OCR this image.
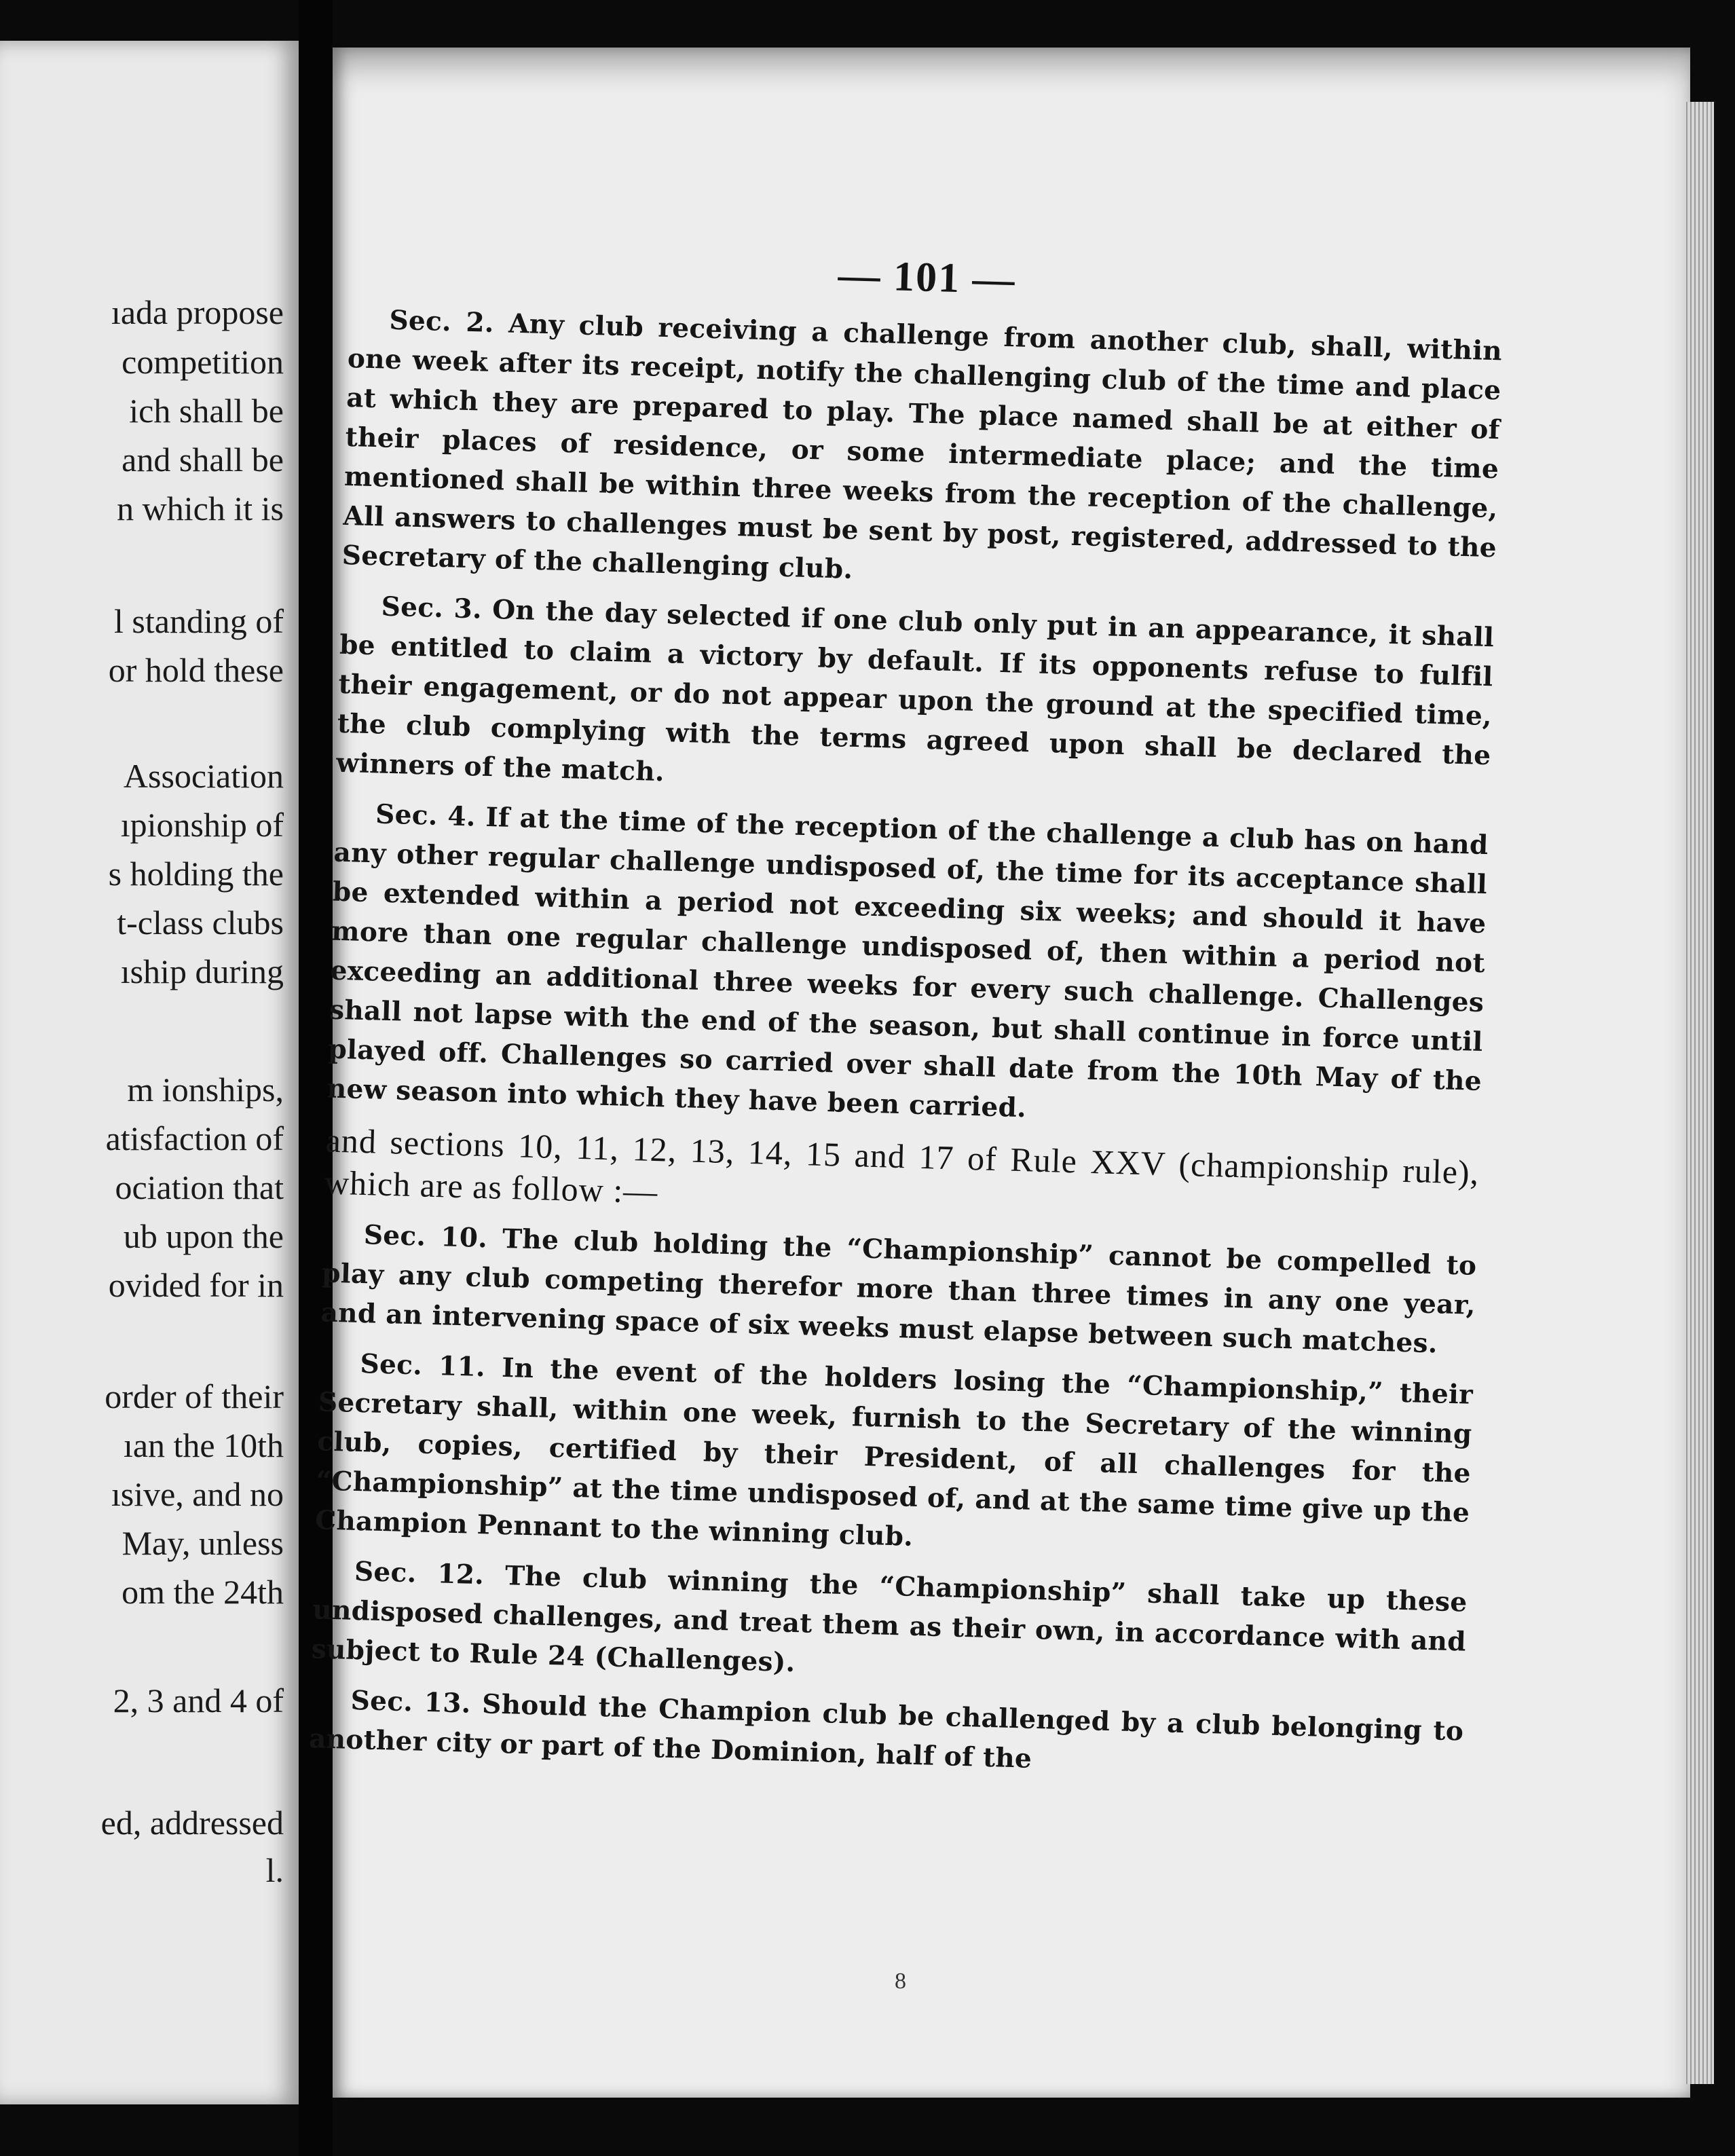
ıada propose
competition
ich shall be
and shall be
n which it is
l standing of
or hold these
Association
ıpionship of
s holding the
t-class clubs
ıship during
m ionships,
atisfaction of
ociation that
ub upon the
ovided for in
order of their
ıan the 10th
ısive, and no
May, unless
om the 24th
2, 3 and 4 of
ed, addressed
l.
— 101 —

Sec. 2. Any club receiving a challenge from another club, shall, within one week after its receipt, notify the challenging club of the time and place at which they are prepared to play. The place named shall be at either of their places of residence, or some intermediate place; and the time mentioned shall be within three weeks from the reception of the challenge, All answers to challenges must be sent by post, registered, addressed to the Secretary of the challenging club.

Sec. 3. On the day selected if one club only put in an appearance, it shall be entitled to claim a victory by default. If its opponents refuse to fulfil their engagement, or do not appear upon the ground at the specified time, the club complying with the terms agreed upon shall be declared the winners of the match.

Sec. 4. If at the time of the reception of the challenge a club has on hand any other regular challenge undisposed of, the time for its acceptance shall be extended within a period not exceeding six weeks; and should it have more than one regular challenge undisposed of, then within a period not exceeding an additional three weeks for every such challenge. Challenges shall not lapse with the end of the season, but shall continue in force until played off. Challenges so carried over shall date from the 10th May of the new season into which they have been carried.

and sections 10, 11, 12, 13, 14, 15 and 17 of Rule XXV (championship rule), which are as follow :—

Sec. 10. The club holding the “Championship” cannot be compelled to play any club competing therefor more than three times in any one year, and an intervening space of six weeks must elapse between such matches.

Sec. 11. In the event of the holders losing the “Championship,” their Secretary shall, within one week, furnish to the Secretary of the winning club, copies, certified by their President, of all challenges for the “Championship” at the time undisposed of, and at the same time give up the Champion Pennant to the winning club.

Sec. 12. The club winning the “Championship” shall take up these undisposed challenges, and treat them as their own, in accordance with and subject to Rule 24 (Challenges).

Sec. 13. Should the Champion club be challenged by a club belonging to another city or part of the Dominion, half of the

8
